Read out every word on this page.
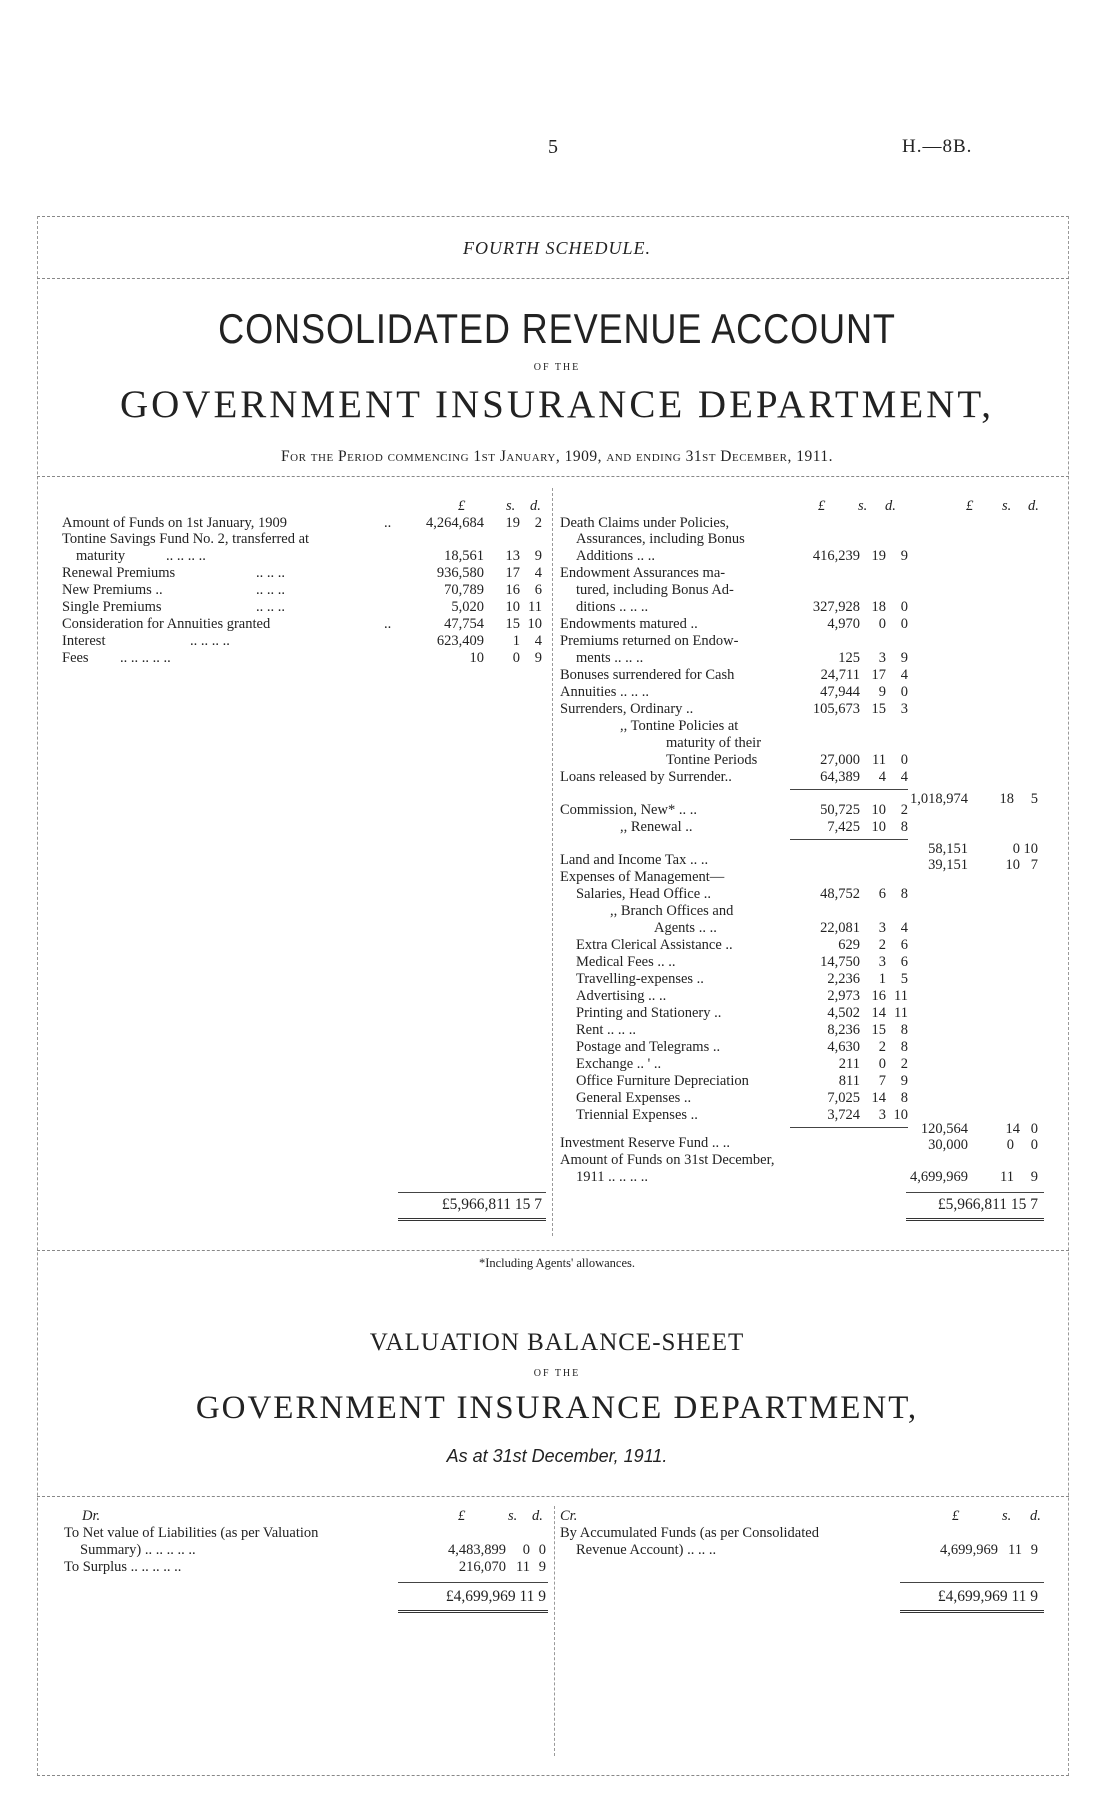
5	H.—8B.
FOURTH SCHEDULE.
CONSOLIDATED REVENUE ACCOUNT
OF THE
GOVERNMENT INSURANCE DEPARTMENT,
For the Period commencing 1st January, 1909, and ending 31st December, 1911.
£	s. d.
Amount of Funds on 1st January, 1909	.. 4,264,684 19 2
Tontine Savings Fund No. 2, transferred at
maturity	.. .. .. ..	18,561 13 9
Renewal Premiums	.. .. ..	936,580 17 4
New Premiums ..	.. .. ..	70,789 16 6
Single Premiums	.. .. ..	5,020 10 11
Consideration for Annuities granted	..	47,754 15 10
Interest	.. .. .. ..	623,409 1 4
Fees .. .. .. .. ..	10 0 9
£5,966,811 15 7
£ s. d.	£ s. d.
Death Claims under Policies,
Assurances, including Bonus
Additions .. ..	416,239 19 9
Endowment Assurances ma-
tured, including Bonus Ad-
ditions .. .. ..	327,928 18 0
Endowments matured ..	4,970 0 0
Premiums returned on Endow-
ments .. .. ..	125 3 9
Bonuses surrendered for Cash	24,711 17 4
Annuities .. .. ..	47,944 9 0
Surrenders, Ordinary ..	105,673 15 3
,, Tontine Policies at
maturity of their
Tontine Periods	27,000 11 0
Loans released by Surrender..	64,389 4 4
1,018,974 18 5
Commission, New* .. ..	50,725 10 2
,, Renewal ..	7,425 10 8
58,151	0 10
Land and Income Tax .. ..	39,151	10 7
Expenses of Management—
Salaries, Head Office ..	48,752 6 8
,, Branch Offices and
Agents .. ..	22,081 3 4
Extra Clerical Assistance ..	629 2 6
Medical Fees .. ..	14,750 3 6
Travelling-expenses ..	2,236 1 5
Advertising .. ..	2,973 16 11
Printing and Stationery ..	4,502 14 11
Rent .. .. ..	8,236 15 8
Postage and Telegrams ..	4,630 2 8
Exchange .. ' ..	211 0 2
Office Furniture Depreciation	811 7 9
General Expenses ..	7,025 14 8
Triennial Expenses ..	3,724 3 10
120,564	14 0
Investment Reserve Fund .. ..	30,000	0 0
Amount of Funds on 31st December,
1911 .. .. .. ..	4,699,969 11 9
£5,966,811 15 7
*Including Agents' allowances.
VALUATION BALANCE-SHEET
OF THE
GOVERNMENT INSURANCE DEPARTMENT,
As at 31st December, 1911.
Dr.	£	s. d.
To Net value of Liabilities (as per Valuation
Summary) .. .. .. .. ..	4,483,899 0 0
To Surplus .. .. .. .. ..	216,070 11 9
£4,699,969 11 9
Cr.	£	s. d.
By Accumulated Funds (as per Consolidated
Revenue Account) .. .. ..	4,699,969 11 9
£4,699,969 11 9
